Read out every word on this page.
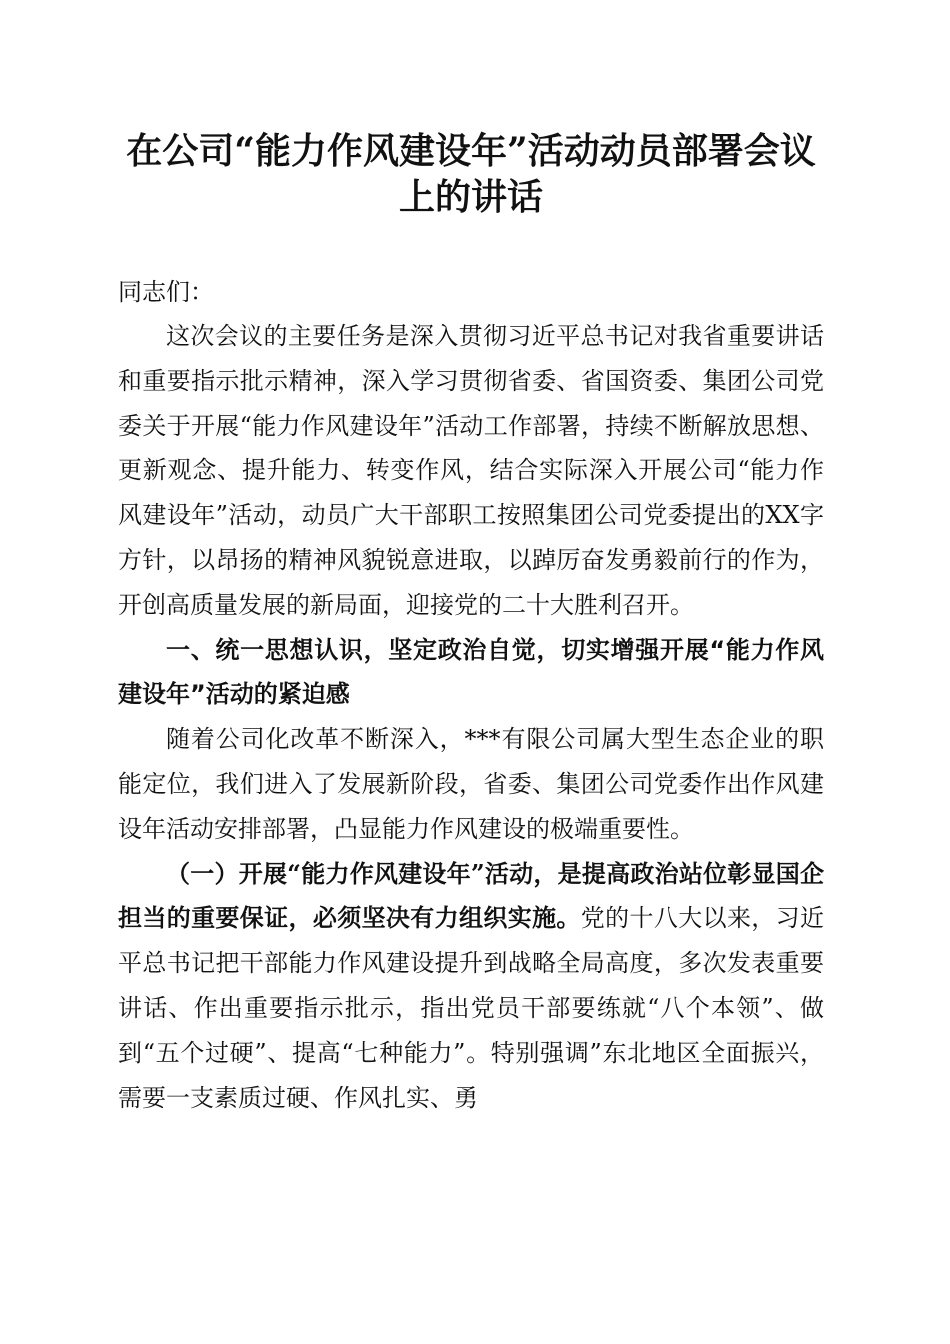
在公司“能力作风建设年”活动动员部署会议上的讲话

同志们：

这次会议的主要任务是深入贯彻习近平总书记对我省重要讲话和重要指示批示精神，深入学习贯彻省委、省国资委、集团公司党委关于开展“能力作风建设年”活动工作部署，持续不断解放思想、更新观念、提升能力、转变作风，结合实际深入开展公司“能力作风建设年”活动，动员广大干部职工按照集团公司党委提出的XX字方针，以昂扬的精神风貌锐意进取，以踔厉奋发勇毅前行的作为，开创高质量发展的新局面，迎接党的二十大胜利召开。

一、统一思想认识，坚定政治自觉，切实增强开展“能力作风建设年”活动的紧迫感

随着公司化改革不断深入，***有限公司属大型生态企业的职能定位，我们进入了发展新阶段，省委、集团公司党委作出作风建设年活动安排部署，凸显能力作风建设的极端重要性。

（一）开展“能力作风建设年”活动，是提高政治站位彰显国企担当的重要保证，必须坚决有力组织实施。党的十八大以来，习近平总书记把干部能力作风建设提升到战略全局高度，多次发表重要讲话、作出重要指示批示，指出党员干部要练就“八个本领”、做到“五个过硬”、提高“七种能力”。特别强调”东北地区全面振兴，需要一支素质过硬、作风扎实、勇
